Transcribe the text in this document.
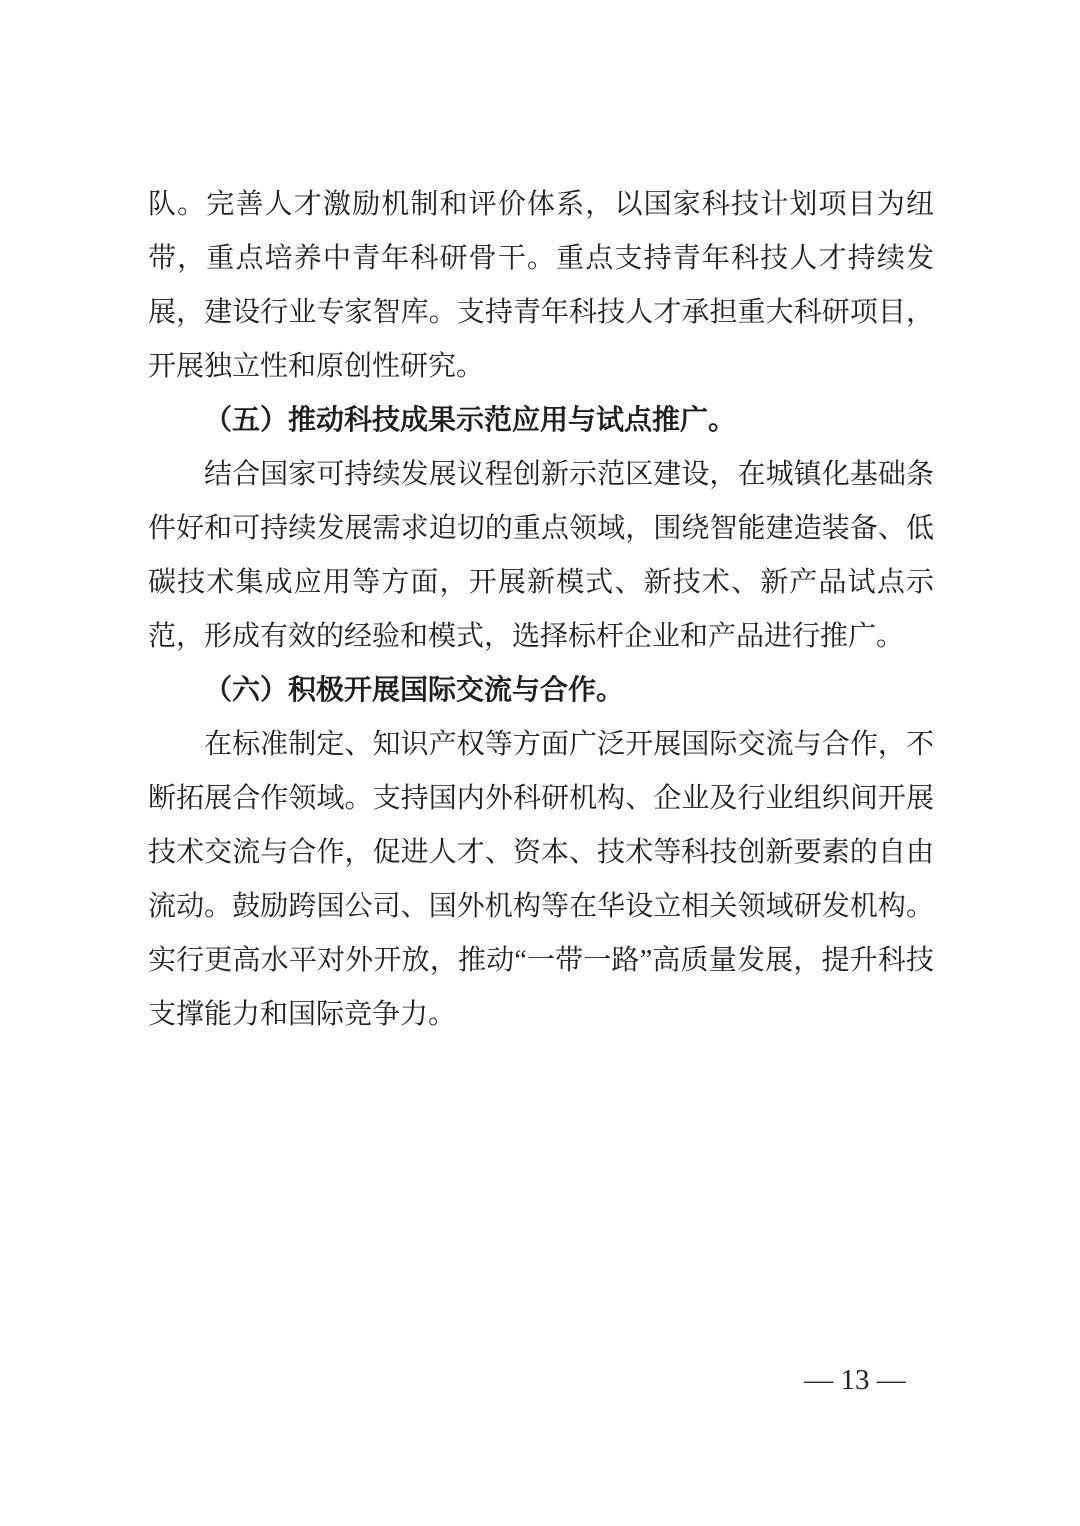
队。完善人才激励机制和评价体系，以国家科技计划项目为纽带，重点培养中青年科研骨干。重点支持青年科技人才持续发展，建设行业专家智库。支持青年科技人才承担重大科研项目，开展独立性和原创性研究。

（五）推动科技成果示范应用与试点推广。

结合国家可持续发展议程创新示范区建设，在城镇化基础条件好和可持续发展需求迫切的重点领域，围绕智能建造装备、低碳技术集成应用等方面，开展新模式、新技术、新产品试点示范，形成有效的经验和模式，选择标杆企业和产品进行推广。

（六）积极开展国际交流与合作。

在标准制定、知识产权等方面广泛开展国际交流与合作，不断拓展合作领域。支持国内外科研机构、企业及行业组织间开展技术交流与合作，促进人才、资本、技术等科技创新要素的自由流动。鼓励跨国公司、国外机构等在华设立相关领域研发机构。实行更高水平对外开放，推动“一带一路”高质量发展，提升科技支撑能力和国际竞争力。

— 13 —
